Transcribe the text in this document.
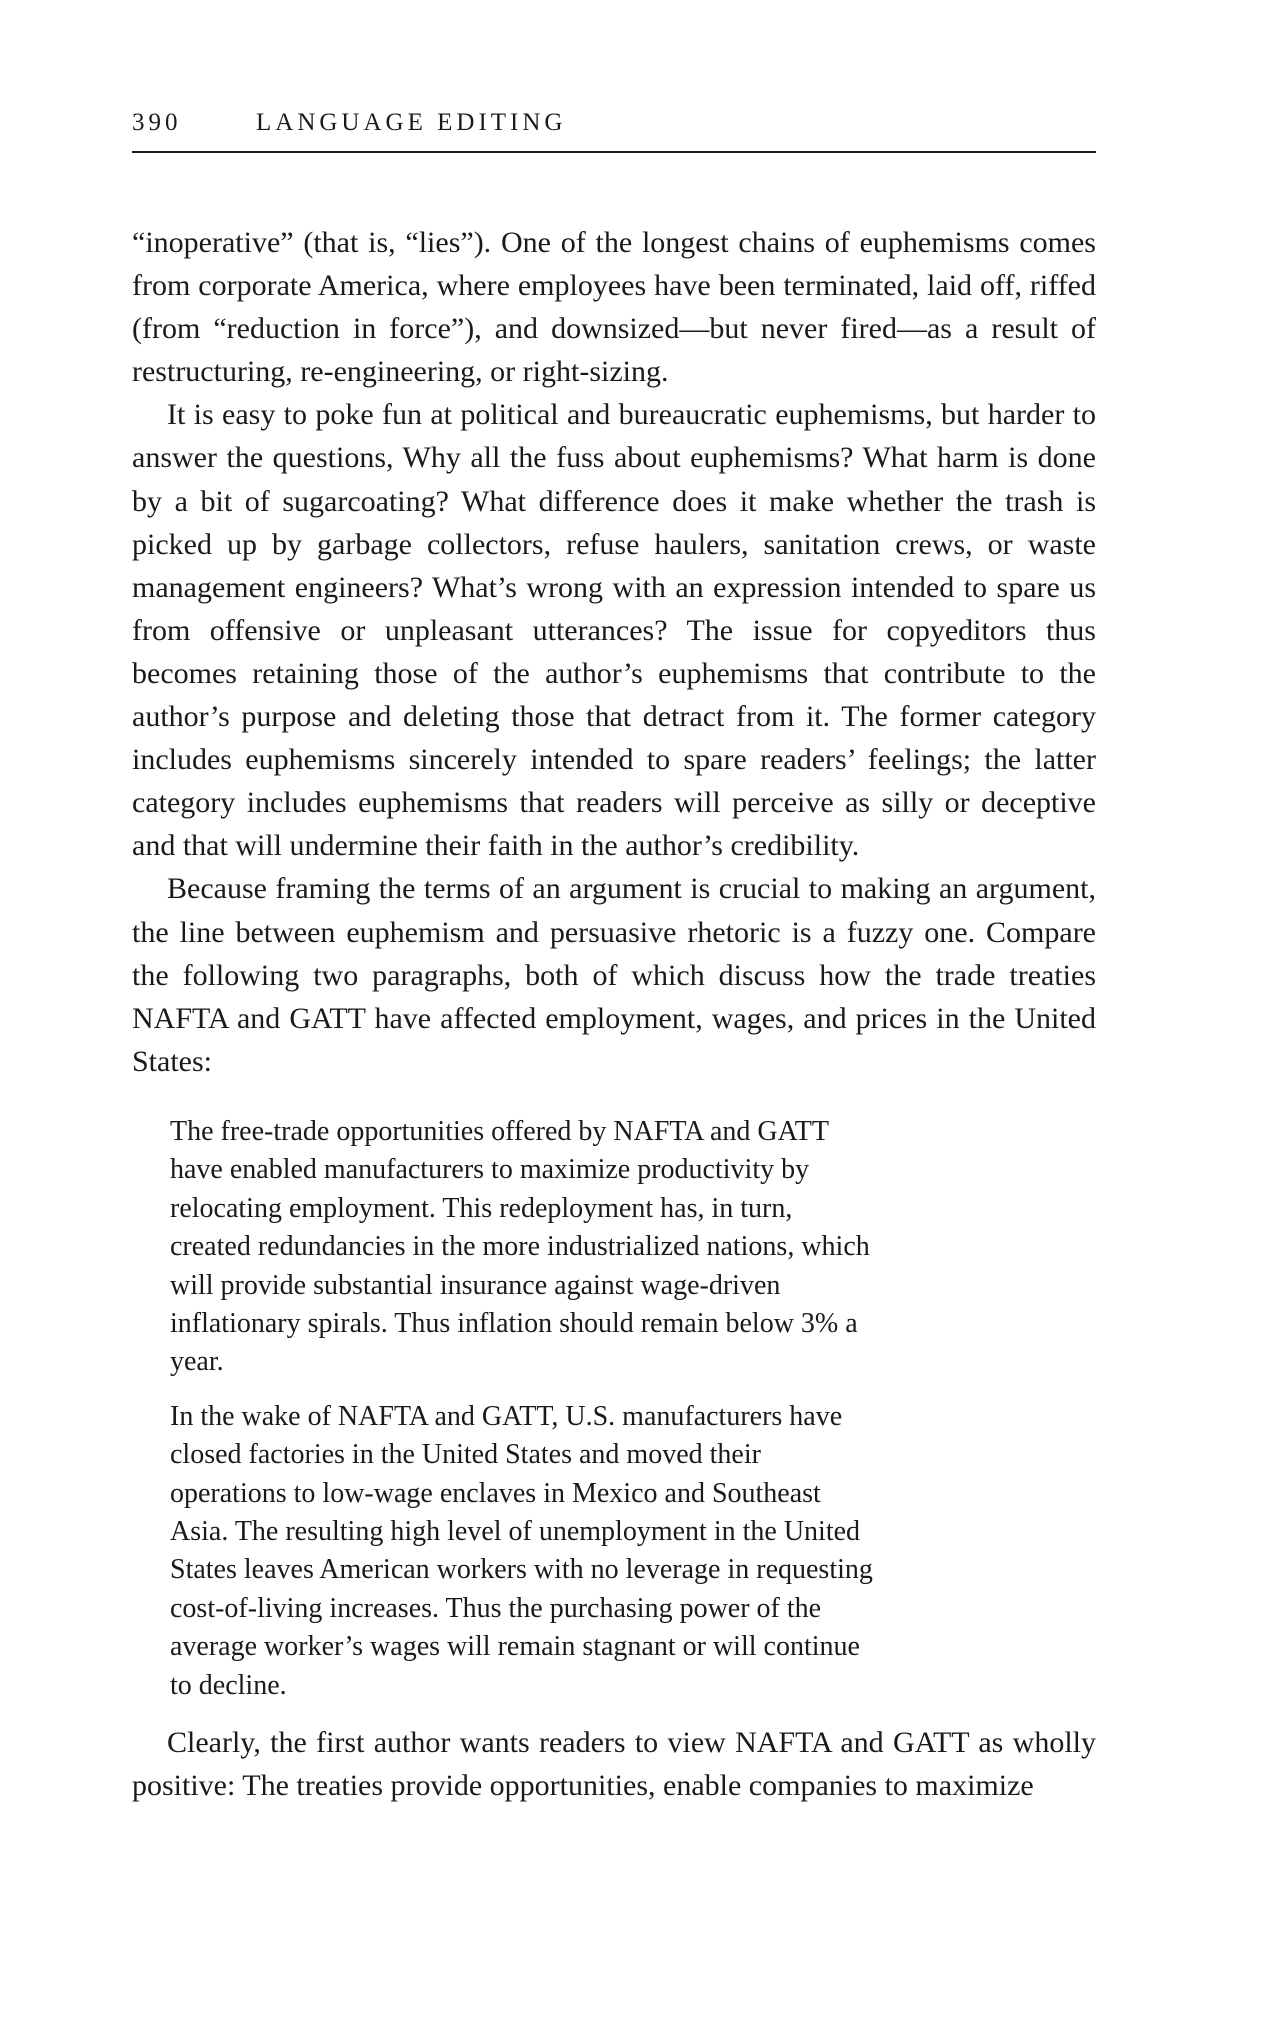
390	LANGUAGE EDITING

“inoperative” (that is, “lies”). One of the longest chains of euphemisms comes from corporate America, where employees have been terminated, laid off, riffed (from “reduction in force”), and downsized—but never fired—as a result of restructuring, re-engineering, or right-sizing.

It is easy to poke fun at political and bureaucratic euphemisms, but harder to answer the questions, Why all the fuss about euphemisms? What harm is done by a bit of sugarcoating? What difference does it make whether the trash is picked up by garbage collectors, refuse haulers, sanitation crews, or waste management engineers? What’s wrong with an expression intended to spare us from offensive or unpleasant utterances? The issue for copyeditors thus becomes retaining those of the author’s euphemisms that contribute to the author’s purpose and deleting those that detract from it. The former category includes euphemisms sincerely intended to spare readers’ feelings; the latter category includes euphemisms that readers will perceive as silly or deceptive and that will undermine their faith in the author’s credibility.

Because framing the terms of an argument is crucial to making an argument, the line between euphemism and persuasive rhetoric is a fuzzy one. Compare the following two paragraphs, both of which discuss how the trade treaties NAFTA and GATT have affected employment, wages, and prices in the United States:

The free-trade opportunities offered by NAFTA and GATT have enabled manufacturers to maximize productivity by relocating employment. This redeployment has, in turn, created redundancies in the more industrialized nations, which will provide substantial insurance against wage-driven inflationary spirals. Thus inflation should remain below 3% a year.

In the wake of NAFTA and GATT, U.S. manufacturers have closed factories in the United States and moved their operations to low-wage enclaves in Mexico and Southeast Asia. The resulting high level of unemployment in the United States leaves American workers with no leverage in requesting cost-of-living increases. Thus the purchasing power of the average worker’s wages will remain stagnant or will continue to decline.

Clearly, the first author wants readers to view NAFTA and GATT as wholly positive: The treaties provide opportunities, enable companies to maximize
